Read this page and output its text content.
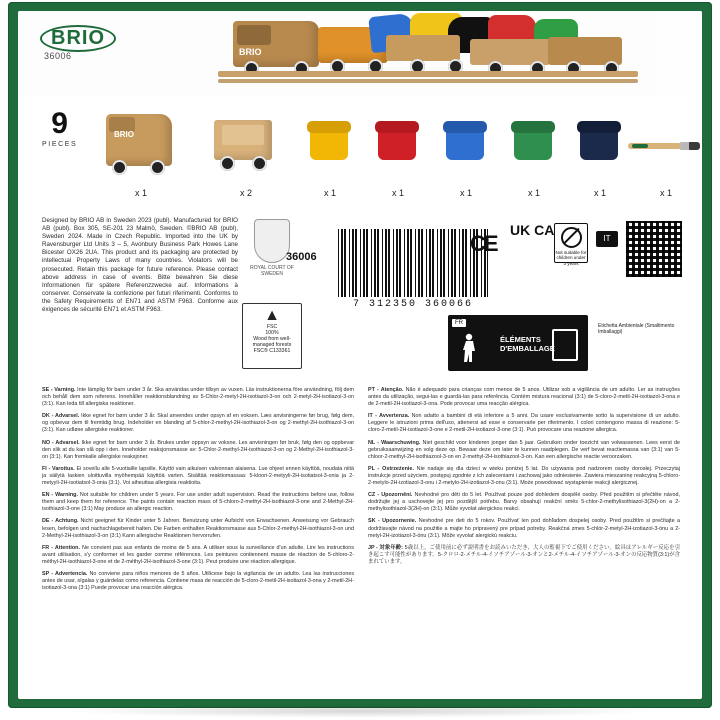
BRIO
36006	BRIO
9
PIECES
BRIO
x 1	x 2	x 1	x 1	x 1	x 1	x 1	x 1
Designed by BRIO AB in Sweden 2023 (publ). Manufactured for BRIO AB (publ). Box 305, SE-201 23 Malmö, Sweden. ©BRIO AB (publ), Sweden 2024. Made in Czech Republic. Imported into the UK by Ravensburger Ltd Units 3 – 5, Avonbury Business Park Howes Lane Bicester OX26 2UA. This product and its packaging are protected by intellectual Property Laws of many countries. Violators will be prosecuted. Retain this package for future reference. Please contact above address in case of events. Bitte bewahren Sie diese Informationen für spätere Referenzzwecke auf. Informations à conserver. Conservate la confezione per futuri riferimenti. Conforms to the Safety Requirements of EN71 and ASTM F963. Conforme aux éxigences de sécurité EN71 et ASTM F963.
ROYAL COURT OF SWEDEN
▲
FSC
100%
Wood from well-managed forests
FSC® C133361
36006
7 312350 360066
CE
UK CA
Not suitable for children under 3 years
IT
FR
ÉLÉMENTS D'EMBALLAGE
Etichetta Ambientale (Smaltimento Imballaggi)

SE - Varning. Inte lämplig för barn under 3 år. Ska användas under tillsyn av vuxen. Läs instruktionerna före användning, följ dem och behåll dem som referens. Innehåller reaktionsblandning av 5-Chlor-2-metyl-2H-isotiazol-3-on och 2-metyl-2H-isotiazol-3-on (3:1). Kan leda till allergiska reaktioner.

DK - Advarsel. Ikke egnet for børn under 3 år. Skal anvendes under opsyn af en voksen. Læs anvisningerne før brug, følg dem, og opbevar dem til fremtidig brug. Indeholder en blanding af 5-chlor-2-methyl-2H-isothiazol-3-on og 2-methyl-2H-isothiazol-3-on (3:1). Kan udløse allergiske reaktioner.

NO - Advarsel. Ikke egnet for barn under 3 år. Brukes under oppsyn av voksne. Les anvisningen før bruk, følg den og oppbevar den slik at du kan slå opp i den. Inneholder reaksjonsmasse av: 5-Chlor-2-methyl-2H-isothiazol-3-on og 2-Methyl-2H-isothiazol-3-on (3:1). Kan fremkalle allergiske reaksjoner.

FI - Varoitus. Ei sovellu alle 5-vuotiaille lapsille. Käyttö vain aikuisen valvonnan alaisena. Lue ohjeet ennen käyttöä, noudata niitä ja säilytä laskien uloittuvilla myöhempää käyttöä varten. Sisältää reaktiomassaa: 5-kloori-2-metyyli-2H-isotiatsol-3-onia ja 2-metyyli-2H-isotiatsol-3-onia (3:1). Voi aiheuttaa allergisia reaktioita.

EN - Warning. Not suitable for children under 5 years. For use under adult supervision. Read the instructions before use, follow them and keep them for reference. The paints contain reaction mass of 5-chloro-2-methyl-2H-isothiazol-3-one and 2-Methyl-2H-isothiazol-3-one (3:1) May produce an allergic reaction.

DE - Achtung. Nicht geeignet für Kinder unter 5 Jahren. Benutzung unter Aufsicht von Erwachsenen. Anweisung vor Gebrauch lesen, befolgen und nachschlagebereit halten. Die Farben enthalten Reaktionsmasse aus 5-Chlor-2-methyl-2H-isothiazol-3-on und 2-Methyl-2H-isothiazol-3-on (3:1) Kann allergische Reaktionen hervorrufen.

FR - Attention. Ne convient pas aux enfants de moins de 5 ans. A utiliser sous la surveillance d'un adulte. Lire les instructions avant utilisation, s'y conformer et les garder comme références. Les peintures contiennent masse de réaction de 5-chloro-2-méthyl-2H-isothiazol-3-one et de 2-méthyl-2H-isothiazol-3-one (3:1). Peut produire une réaction allergique.

SP - Advertencia. No conviene para niños menores de 5 años. Utilícese bajo la vigilancia de un adulto. Lea las instrucciones antes de usar, sígalas y guárdelas como referencia. Contiene masa de reacción de 5-cloro-2-metil-2H-isotiazol-3-ona y 2-metil-2H-isotiazol-3-ona (3:1) Puede provocar una reacción alérgica.

PT - Atenção. Não é adequado para crianças com menos de 5 anos. Utilizar sob a vigilância de um adulto. Ler as instruções antes da utilização, segui-las e guardá-las para referência. Contém mistura reacional (3:1) de 5-cloro-2-metil-2H-isotiazol-3-ona e de 2-metil-2H-isotiazol-3-ona. Pode provocar uma reacção alérgica.

IT - Avvertenza. Non adatto a bambini di età inferiore a 5 anni. Da usare esclusivamente sotto la supervisione di un adulto. Leggere le istruzioni prima dell'uso, attenersi ad esse e conservarle per riferimento. I colori contengono massa di reazione: 5-cloro-2-metil-2H-isotiazol-3-one e 2-metil-2H-isotiazol-3-one (3:1). Può provocare una reazione allergica.

NL - Waarschuwing. Niet geschikt voor kinderen jonger dan 5 jaar. Gebruiken onder toezicht van volwassenen. Lees eerst de gebruiksaanwijzing en volg deze op. Bewaar deze om later te kunnen raadplegen. De verf bevat reactiemassa van (3:1) van 5-chloor-2-methyl-2H-isothiazool-3-on en 2-methyl-2H-isothiazool-3-on. Kan een allergische reactie veroorzaken.

PL - Ostrzeżenie. Nie nadaje się dla dzieci w wieku poniżej 5 lat. Do używania pod nadzorem osoby dorosłej. Przeczytaj instrukcje przed użyciem, postępuj zgodnie z ich zaleceniami i zachowaj jako odniesienie. Zawiera mieszaninę reakcyjną 5-chloro-2-metylo-2H-izotiazol-3-onu i 2-metylo-2H-izotiazol-3-onu (3:1). Może powodować wystąpienie reakcji alergicznej.

CZ - Upozornění. Nevhodné pro děti do 5 let. Používat pouze pod dohledem dospělé osoby. Před použitím si přečtěte návod, dodržujte jej a uschovejte jej pro pozdější potřebu. Barvy obsahují reakční směs 5-chlor-2-methylisothiazol-3(2H)-on a 2-methylisothiazol-3(2H)-on (3:1). Může vyvolat alergickou reakci.

SK - Upozornenie. Nevhodné pre deti do 5 rokov. Používať len pod dohľadom dospelej osoby. Pred použitím si prečítajte a dodržiavajte návod na použitie a majte ho pripravený pre prípad potreby. Reakčná zmes 5-chlór-2-metyl-2H-izotiazol-3-ónu a 2-metyl-2H-izotiazol-3-ónu (3:1). Môže vyvolať alergickú reakciu.

JP - 対象年齢: 5歳以上。ご使用前に必ず説明書をお読みいただき、大人の監視下でご使用ください。絵具はアレルギー反応を引き起こす可能性があります。5-クロロ-2-メチル-4-イソチアゾール-3-オンと2-メチル-4-イソチアゾール-3-オンの反応物質(3:1)が含まれています。
